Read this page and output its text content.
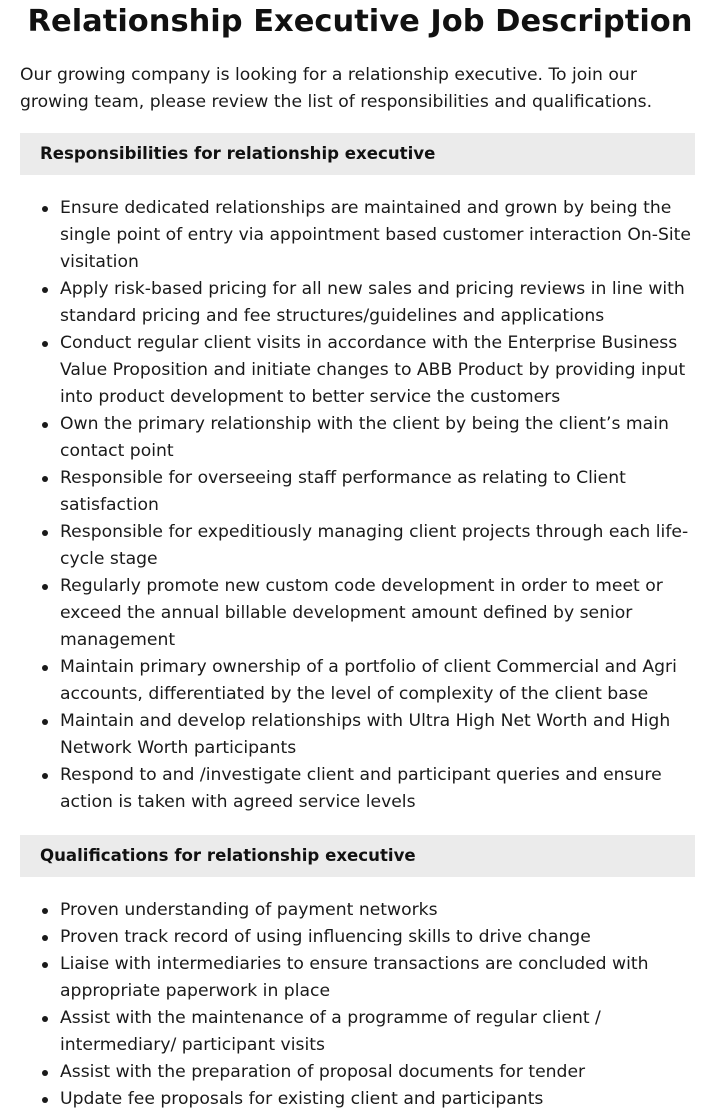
Relationship Executive Job Description

Our growing company is looking for a relationship executive. To join our growing team, please review the list of responsibilities and qualifications.

Responsibilities for relationship executive
Ensure dedicated relationships are maintained and grown by being the single point of entry via appointment based customer interaction On-Site visitation
Apply risk-based pricing for all new sales and pricing reviews in line with standard pricing and fee structures/guidelines and applications
Conduct regular client visits in accordance with the Enterprise Business Value Proposition and initiate changes to ABB Product by providing input into product development to better service the customers
Own the primary relationship with the client by being the client’s main contact point
Responsible for overseeing staff performance as relating to Client satisfaction
Responsible for expeditiously managing client projects through each life-cycle stage
Regularly promote new custom code development in order to meet or exceed the annual billable development amount defined by senior management
Maintain primary ownership of a portfolio of client Commercial and Agri accounts, differentiated by the level of complexity of the client base
Maintain and develop relationships with Ultra High Net Worth and High Network Worth participants
Respond to and /investigate client and participant queries and ensure action is taken with agreed service levels
Qualifications for relationship executive
Proven understanding of payment networks
Proven track record of using influencing skills to drive change
Liaise with intermediaries to ensure transactions are concluded with appropriate paperwork in place
Assist with the maintenance of a programme of regular client / intermediary/ participant visits
Assist with the preparation of proposal documents for tender
Update fee proposals for existing client and participants
